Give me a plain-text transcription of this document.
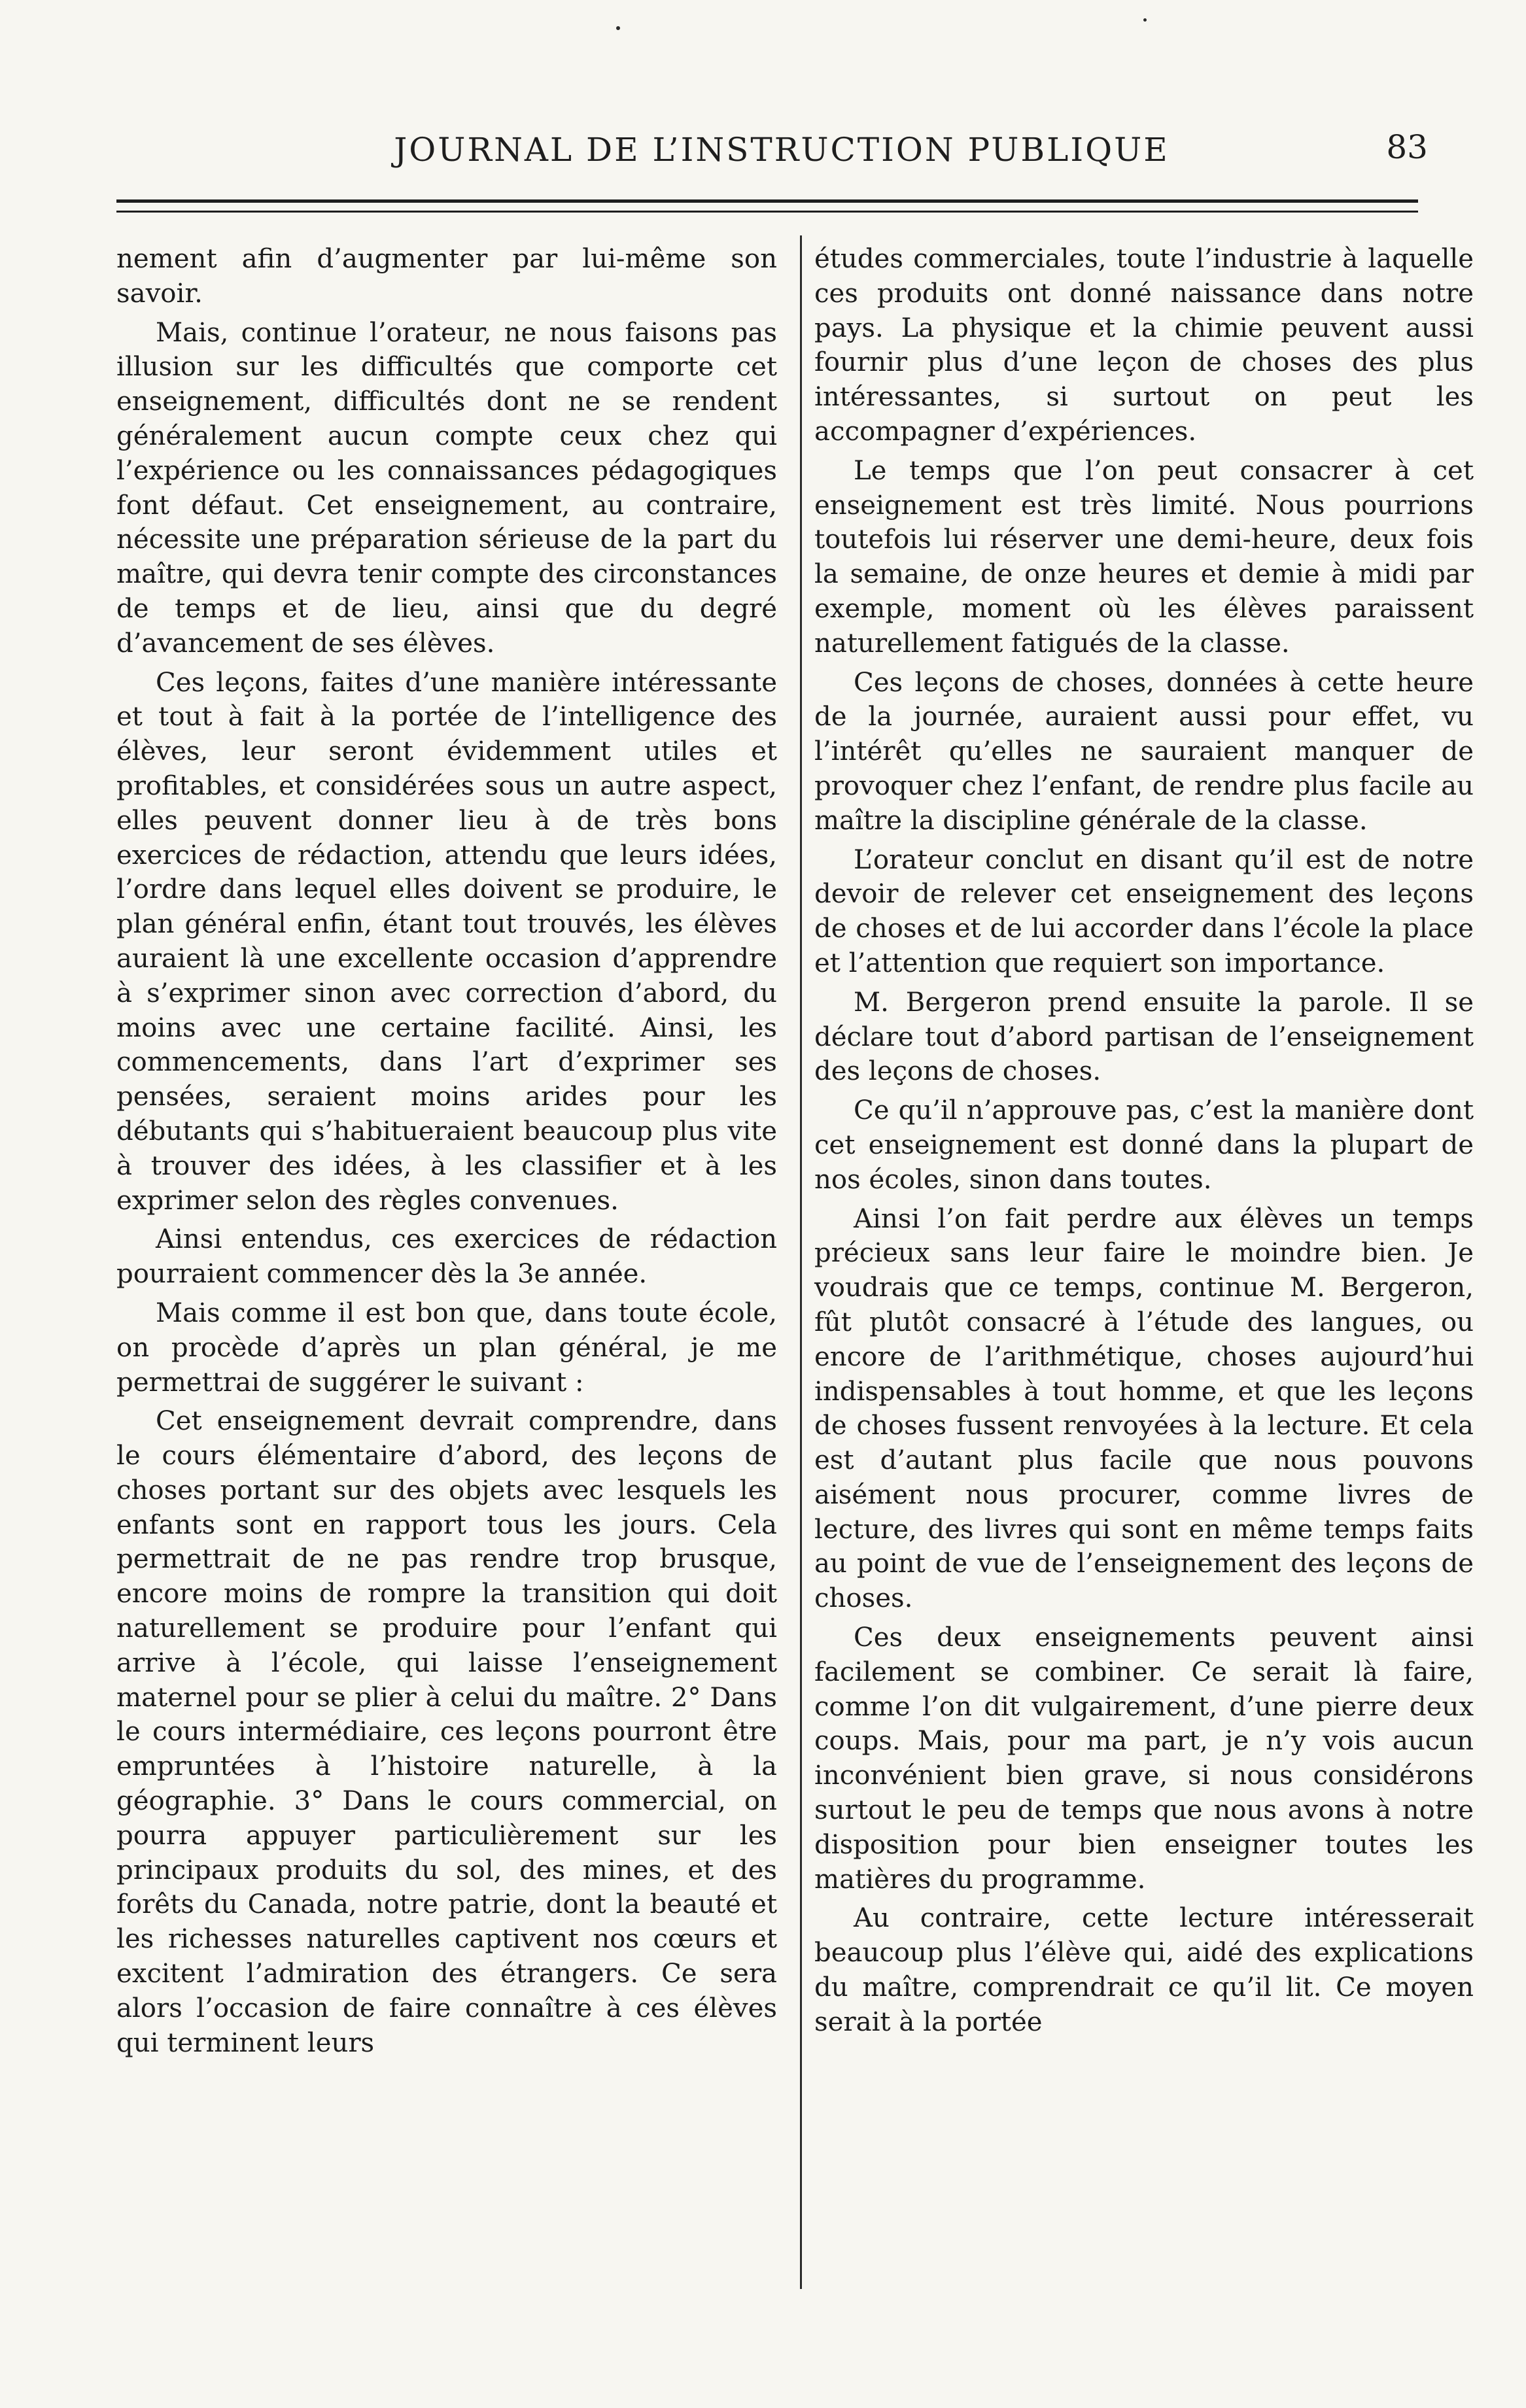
JOURNAL DE L’INSTRUCTION PUBLIQUE	83

nement afin d’augmenter par lui-même son savoir.

Mais, continue l’orateur, ne nous faisons pas illusion sur les difficultés que comporte cet enseignement, difficultés dont ne se rendent généralement aucun compte ceux chez qui l’expérience ou les connaissances pédagogiques font défaut. Cet enseignement, au contraire, nécessite une préparation sérieuse de la part du maître, qui devra tenir compte des circonstances de temps et de lieu, ainsi que du degré d’avancement de ses élèves.

Ces leçons, faites d’une manière intéressante et tout à fait à la portée de l’intelligence des élèves, leur seront évidemment utiles et profitables, et considérées sous un autre aspect, elles peuvent donner lieu à de très bons exercices de rédaction, attendu que leurs idées, l’ordre dans lequel elles doivent se produire, le plan général enfin, étant tout trouvés, les élèves auraient là une excellente occasion d’apprendre à s’exprimer sinon avec correction d’abord, du moins avec une certaine facilité. Ainsi, les commencements, dans l’art d’exprimer ses pensées, seraient moins arides pour les débutants qui s’habitueraient beaucoup plus vite à trouver des idées, à les classifier et à les exprimer selon des règles convenues.

Ainsi entendus, ces exercices de rédaction pourraient commencer dès la 3e année.

Mais comme il est bon que, dans toute école, on procède d’après un plan général, je me permettrai de suggérer le suivant :

Cet enseignement devrait comprendre, dans le cours élémentaire d’abord, des leçons de choses portant sur des objets avec lesquels les enfants sont en rapport tous les jours. Cela permettrait de ne pas rendre trop brusque, encore moins de rompre la transition qui doit naturellement se produire pour l’enfant qui arrive à l’école, qui laisse l’enseignement maternel pour se plier à celui du maître. 2° Dans le cours intermédiaire, ces leçons pourront être empruntées à l’histoire naturelle, à la géographie. 3° Dans le cours commercial, on pourra appuyer particulièrement sur les principaux produits du sol, des mines, et des forêts du Canada, notre patrie, dont la beauté et les richesses naturelles captivent nos cœurs et excitent l’admiration des étrangers. Ce sera alors l’occasion de faire connaître à ces élèves qui terminent leurs

études commerciales, toute l’industrie à laquelle ces produits ont donné naissance dans notre pays. La physique et la chimie peuvent aussi fournir plus d’une leçon de choses des plus intéressantes, si surtout on peut les accompagner d’expériences.

Le temps que l’on peut consacrer à cet enseignement est très limité. Nous pourrions toutefois lui réserver une demi-heure, deux fois la semaine, de onze heures et demie à midi par exemple, moment où les élèves paraissent naturellement fatigués de la classe.

Ces leçons de choses, données à cette heure de la journée, auraient aussi pour effet, vu l’intérêt qu’elles ne sauraient manquer de provoquer chez l’enfant, de rendre plus facile au maître la discipline générale de la classe.

L’orateur conclut en disant qu’il est de notre devoir de relever cet enseignement des leçons de choses et de lui accorder dans l’école la place et l’attention que requiert son importance.

M. Bergeron prend ensuite la parole. Il se déclare tout d’abord partisan de l’enseignement des leçons de choses.

Ce qu’il n’approuve pas, c’est la manière dont cet enseignement est donné dans la plupart de nos écoles, sinon dans toutes.

Ainsi l’on fait perdre aux élèves un temps précieux sans leur faire le moindre bien. Je voudrais que ce temps, continue M. Bergeron, fût plutôt consacré à l’étude des langues, ou encore de l’arithmétique, choses aujourd’hui indispensables à tout homme, et que les leçons de choses fussent renvoyées à la lecture. Et cela est d’autant plus facile que nous pouvons aisément nous procurer, comme livres de lecture, des livres qui sont en même temps faits au point de vue de l’enseignement des leçons de choses.

Ces deux enseignements peuvent ainsi facilement se combiner. Ce serait là faire, comme l’on dit vulgairement, d’une pierre deux coups. Mais, pour ma part, je n’y vois aucun inconvénient bien grave, si nous considérons surtout le peu de temps que nous avons à notre disposition pour bien enseigner toutes les matières du programme.

Au contraire, cette lecture intéresserait beaucoup plus l’élève qui, aidé des explications du maître, comprendrait ce qu’il lit. Ce moyen serait à la portée
